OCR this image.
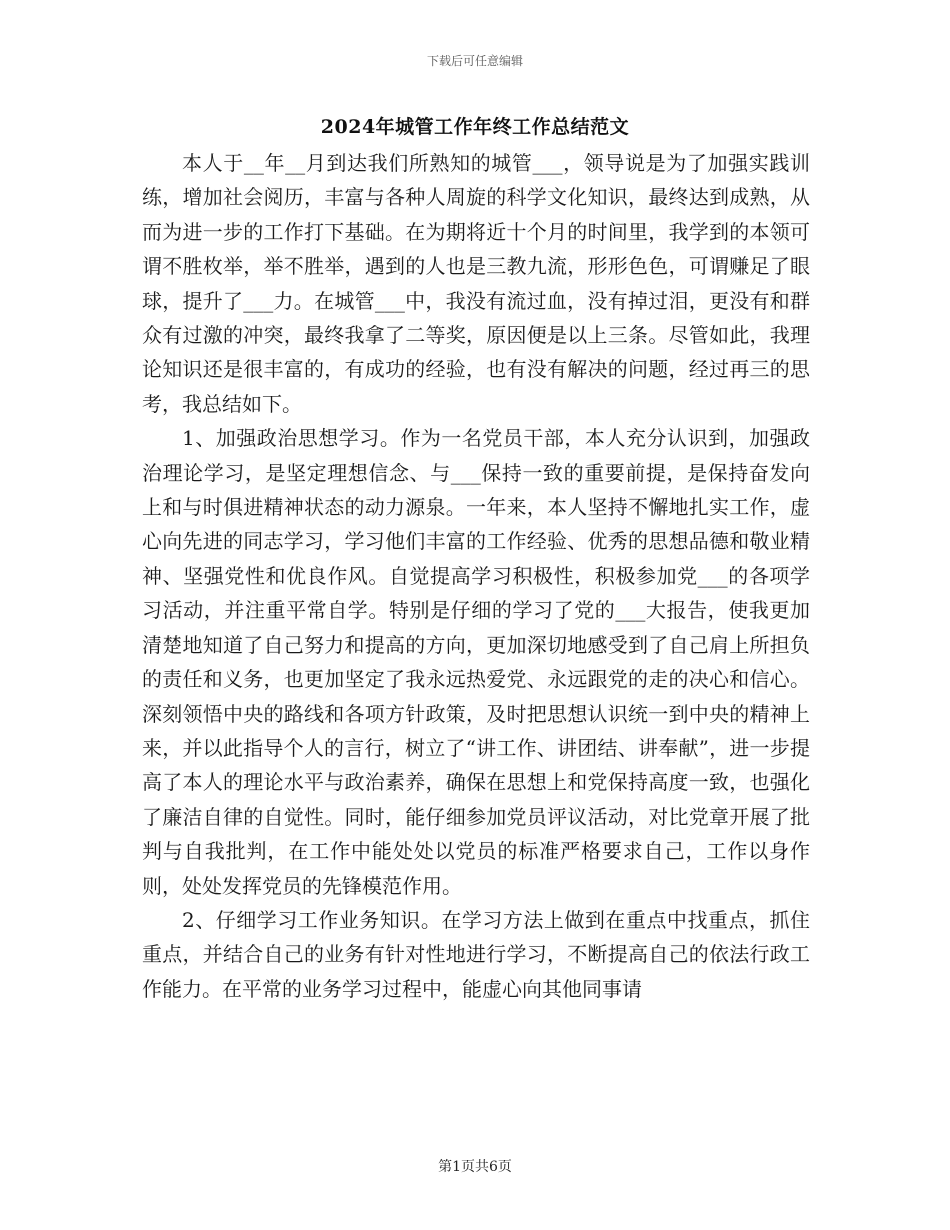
下载后可任意编辑
2024年城管工作年终工作总结范文

本人于__年__月到达我们所熟知的城管___，领导说是为了加强实践训练，增加社会阅历，丰富与各种人周旋的科学文化知识，最终达到成熟，从而为进一步的工作打下基础。在为期将近十个月的时间里，我学到的本领可谓不胜枚举，举不胜举，遇到的人也是三教九流，形形色色，可谓赚足了眼球，提升了___力。在城管___中，我没有流过血，没有掉过泪，更没有和群众有过激的冲突，最终我拿了二等奖，原因便是以上三条。尽管如此，我理论知识还是很丰富的，有成功的经验，也有没有解决的问题，经过再三的思考，我总结如下。

1、加强政治思想学习。作为一名党员干部，本人充分认识到，加强政治理论学习，是坚定理想信念、与___保持一致的重要前提，是保持奋发向上和与时俱进精神状态的动力源泉。一年来，本人坚持不懈地扎实工作，虚心向先进的同志学习，学习他们丰富的工作经验、优秀的思想品德和敬业精神、坚强党性和优良作风。自觉提高学习积极性，积极参加党___的各项学习活动，并注重平常自学。特别是仔细的学习了党的___大报告，使我更加清楚地知道了自己努力和提高的方向，更加深切地感受到了自己肩上所担负的责任和义务，也更加坚定了我永远热爱党、永远跟党的走的决心和信心。深刻领悟中央的路线和各项方针政策，及时把思想认识统一到中央的精神上来，并以此指导个人的言行，树立了“讲工作、讲团结、讲奉献”，进一步提高了本人的理论水平与政治素养，确保在思想上和党保持高度一致，也强化了廉洁自律的自觉性。同时，能仔细参加党员评议活动，对比党章开展了批判与自我批判，在工作中能处处以党员的标准严格要求自己，工作以身作则，处处发挥党员的先锋模范作用。

2、仔细学习工作业务知识。在学习方法上做到在重点中找重点，抓住重点，并结合自己的业务有针对性地进行学习，不断提高自己的依法行政工作能力。在平常的业务学习过程中，能虚心向其他同事请

第1页共6页
